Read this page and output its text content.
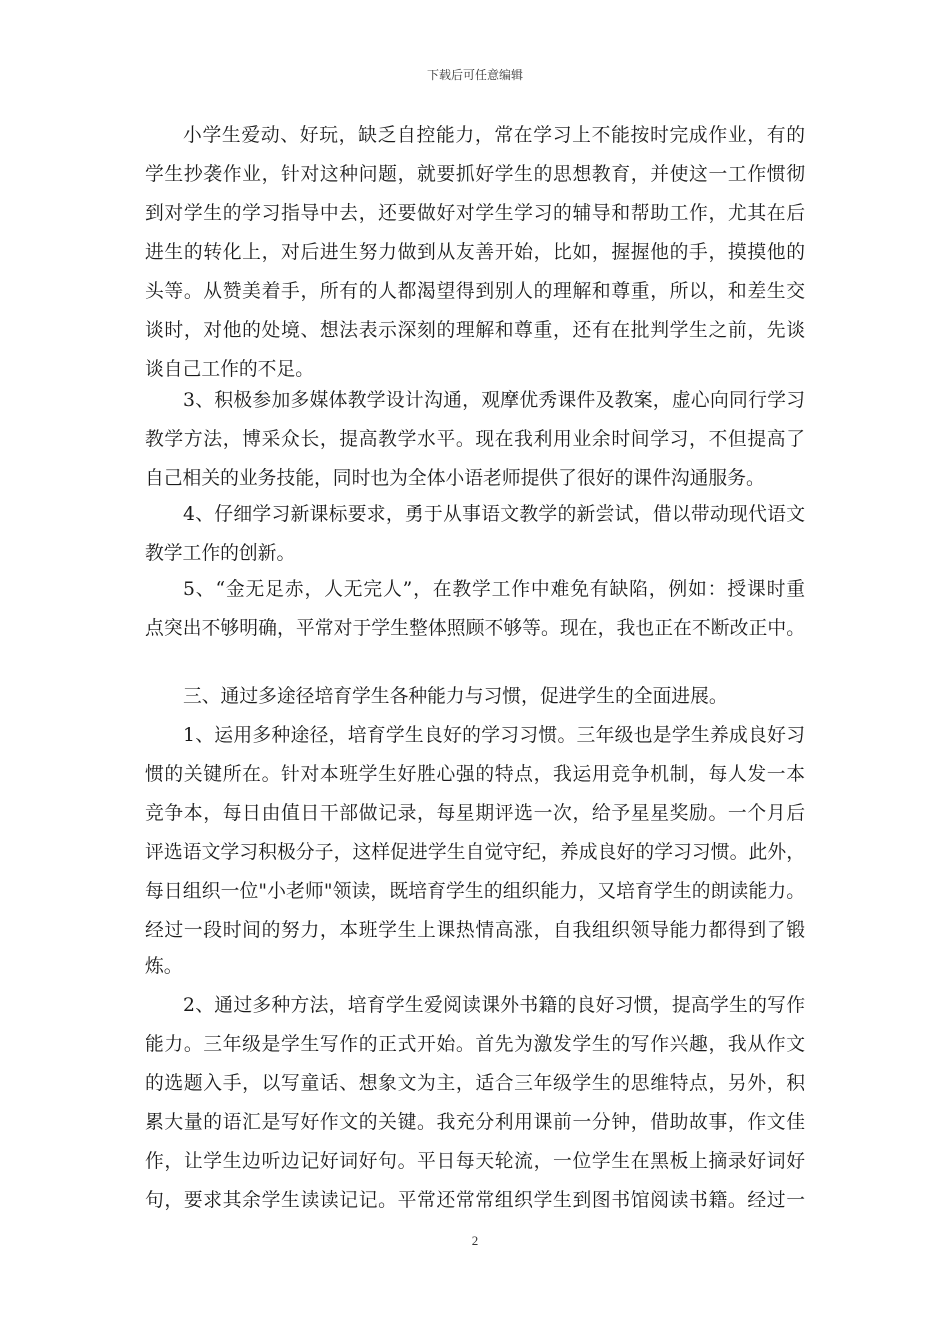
下载后可任意编辑
小学生爱动、好玩，缺乏自控能力，常在学习上不能按时完成作业，有的
学生抄袭作业，针对这种问题，就要抓好学生的思想教育，并使这一工作惯彻
到对学生的学习指导中去，还要做好对学生学习的辅导和帮助工作，尤其在后
进生的转化上，对后进生努力做到从友善开始，比如，握握他的手，摸摸他的
头等。从赞美着手，所有的人都渴望得到别人的理解和尊重，所以，和差生交
谈时，对他的处境、想法表示深刻的理解和尊重，还有在批判学生之前，先谈
谈自己工作的不足。
3、积极参加多媒体教学设计沟通，观摩优秀课件及教案，虚心向同行学习
教学方法，博采众长，提高教学水平。现在我利用业余时间学习，不但提高了
自己相关的业务技能，同时也为全体小语老师提供了很好的课件沟通服务。
4、仔细学习新课标要求，勇于从事语文教学的新尝试，借以带动现代语文
教学工作的创新。
5、“金无足赤，人无完人”，在教学工作中难免有缺陷，例如：授课时重
点突出不够明确，平常对于学生整体照顾不够等。现在，我也正在不断改正中。
三、通过多途径培育学生各种能力与习惯，促进学生的全面进展。
1、运用多种途径，培育学生良好的学习习惯。三年级也是学生养成良好习
惯的关键所在。针对本班学生好胜心强的特点，我运用竞争机制，每人发一本
竞争本，每日由值日干部做记录，每星期评选一次，给予星星奖励。一个月后
评选语文学习积极分子，这样促进学生自觉守纪，养成良好的学习习惯。此外，
每日组织一位"小老师"领读，既培育学生的组织能力，又培育学生的朗读能力。
经过一段时间的努力，本班学生上课热情高涨，自我组织领导能力都得到了锻
炼。
2、通过多种方法，培育学生爱阅读课外书籍的良好习惯，提高学生的写作
能力。三年级是学生写作的正式开始。首先为激发学生的写作兴趣，我从作文
的选题入手，以写童话、想象文为主，适合三年级学生的思维特点，另外，积
累大量的语汇是写好作文的关键。我充分利用课前一分钟，借助故事，作文佳
作，让学生边听边记好词好句。平日每天轮流，一位学生在黑板上摘录好词好
句，要求其余学生读读记记。平常还常常组织学生到图书馆阅读书籍。经过一
2
